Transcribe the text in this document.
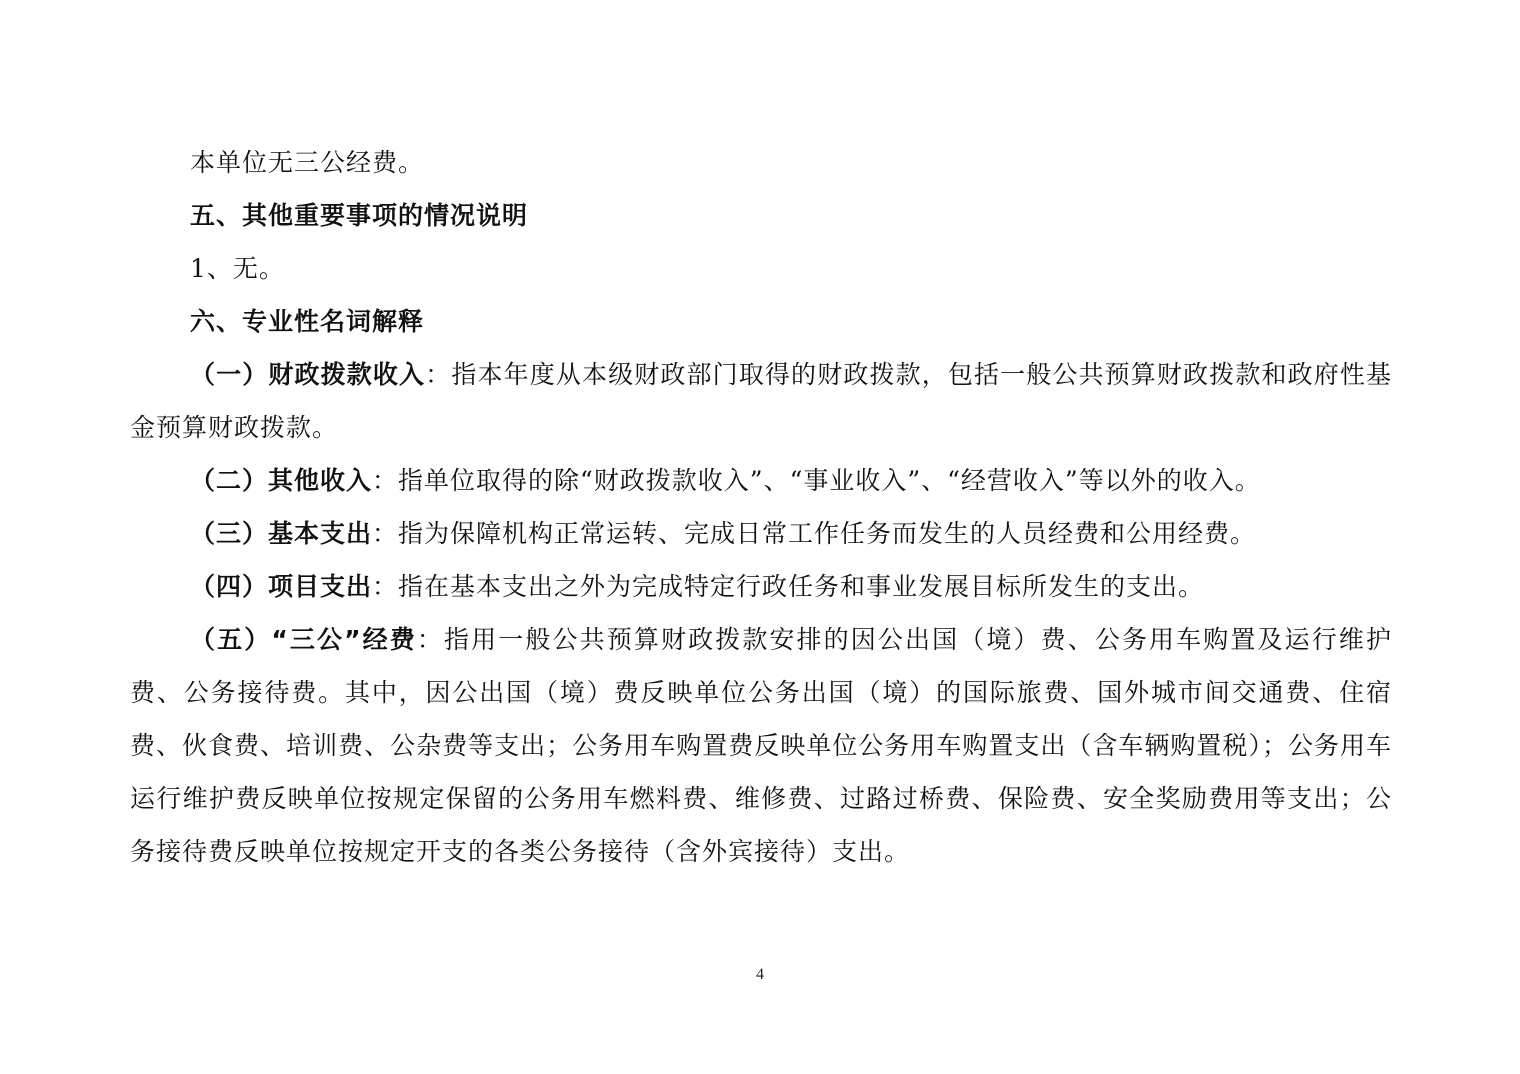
本单位无三公经费。

五、其他重要事项的情况说明

1、无。

六、专业性名词解释

（一）财政拨款收入：指本年度从本级财政部门取得的财政拨款，包括一般公共预算财政拨款和政府性基金预算财政拨款。

（二）其他收入：指单位取得的除“财政拨款收入”、“事业收入”、“经营收入”等以外的收入。

（三）基本支出：指为保障机构正常运转、完成日常工作任务而发生的人员经费和公用经费。

（四）项目支出：指在基本支出之外为完成特定行政任务和事业发展目标所发生的支出。

（五）“三公”经费：指用一般公共预算财政拨款安排的因公出国（境）费、公务用车购置及运行维护费、公务接待费。其中，因公出国（境）费反映单位公务出国（境）的国际旅费、国外城市间交通费、住宿费、伙食费、培训费、公杂费等支出；公务用车购置费反映单位公务用车购置支出（含车辆购置税）；公务用车运行维护费反映单位按规定保留的公务用车燃料费、维修费、过路过桥费、保险费、安全奖励费用等支出；公务接待费反映单位按规定开支的各类公务接待（含外宾接待）支出。

4
